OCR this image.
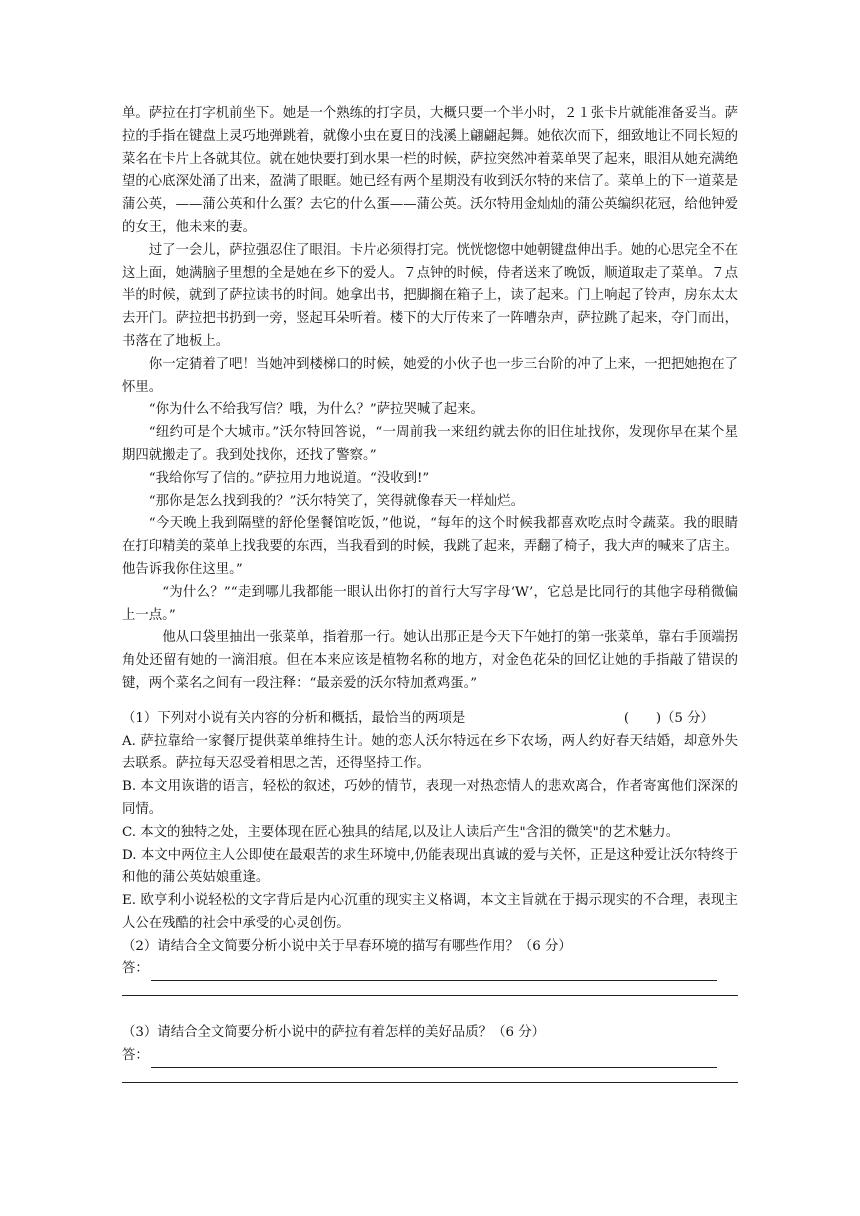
单。萨拉在打字机前坐下。她是一个熟练的打字员，大概只要一个半小时，２１张卡片就能准备妥当。萨拉的手指在键盘上灵巧地弹跳着，就像小虫在夏日的浅溪上翩翩起舞。她依次而下，细致地让不同长短的菜名在卡片上各就其位。就在她快要打到水果一栏的时候，萨拉突然冲着菜单哭了起来，眼泪从她充满绝望的心底深处涌了出来，盈满了眼眶。她已经有两个星期没有收到沃尔特的来信了。菜单上的下一道菜是蒲公英，——蒲公英和什么蛋？去它的什么蛋——蒲公英。沃尔特用金灿灿的蒲公英编织花冠，给他钟爱的女王，他未来的妻。

过了一会儿，萨拉强忍住了眼泪。卡片必须得打完。恍恍惚惚中她朝键盘伸出手。她的心思完全不在这上面，她满脑子里想的全是她在乡下的爱人。７点钟的时候，侍者送来了晚饭，顺道取走了菜单。７点半的时候，就到了萨拉读书的时间。她拿出书，把脚搁在箱子上，读了起来。门上响起了铃声，房东太太去开门。萨拉把书扔到一旁，竖起耳朵听着。楼下的大厅传来了一阵嘈杂声，萨拉跳了起来，夺门而出，书落在了地板上。

你一定猜着了吧！当她冲到楼梯口的时候，她爱的小伙子也一步三台阶的冲了上来，一把把她抱在了怀里。

“你为什么不给我写信？哦，为什么？”萨拉哭喊了起来。

“纽约可是个大城市。”沃尔特回答说，“一周前我一来纽约就去你的旧住址找你，发现你早在某个星期四就搬走了。我到处找你，还找了警察。”

“我给你写了信的。”萨拉用力地说道。“没收到!”

“那你是怎么找到我的？”沃尔特笑了，笑得就像春天一样灿烂。

“今天晚上我到隔壁的舒伦堡餐馆吃饭，”他说，“每年的这个时候我都喜欢吃点时令蔬菜。我的眼睛在打印精美的菜单上找我要的东西，当我看到的时候，我跳了起来，弄翻了椅子，我大声的喊来了店主。他告诉我你住这里。”

“为什么？”“走到哪儿我都能一眼认出你打的首行大写字母‘W’，它总是比同行的其他字母稍微偏上一点。”

他从口袋里抽出一张菜单，指着那一行。她认出那正是今天下午她打的第一张菜单，靠右手顶端拐角处还留有她的一滴泪痕。但在本来应该是植物名称的地方，对金色花朵的回忆让她的手指敲了错误的键，两个菜名之间有一段注释：“最亲爱的沃尔特加煮鸡蛋。”

（1）下列对小说有关内容的分析和概括，最恰当的两项是	(　　)（5 分）

A. 萨拉靠给一家餐厅提供菜单维持生计。她的恋人沃尔特远在乡下农场，两人约好春天结婚，却意外失去联系。萨拉每天忍受着相思之苦，还得坚持工作。

B. 本文用诙谐的语言，轻松的叙述，巧妙的情节，表现一对热恋情人的悲欢离合，作者寄寓他们深深的同情。

C. 本文的独特之处，主要体现在匠心独具的结尾,以及让人读后产生"含泪的微笑"的艺术魅力。

D. 本文中两位主人公即使在最艰苦的求生环境中,仍能表现出真诚的爱与关怀，正是这种爱让沃尔特终于和他的蒲公英姑娘重逢。

E. 欧亨利小说轻松的文字背后是内心沉重的现实主义格调，本文主旨就在于揭示现实的不合理，表现主人公在残酷的社会中承受的心灵创伤。

（2）请结合全文简要分析小说中关于早春环境的描写有哪些作用？（6 分）

答：

（3）请结合全文简要分析小说中的萨拉有着怎样的美好品质？（6 分）

答：
